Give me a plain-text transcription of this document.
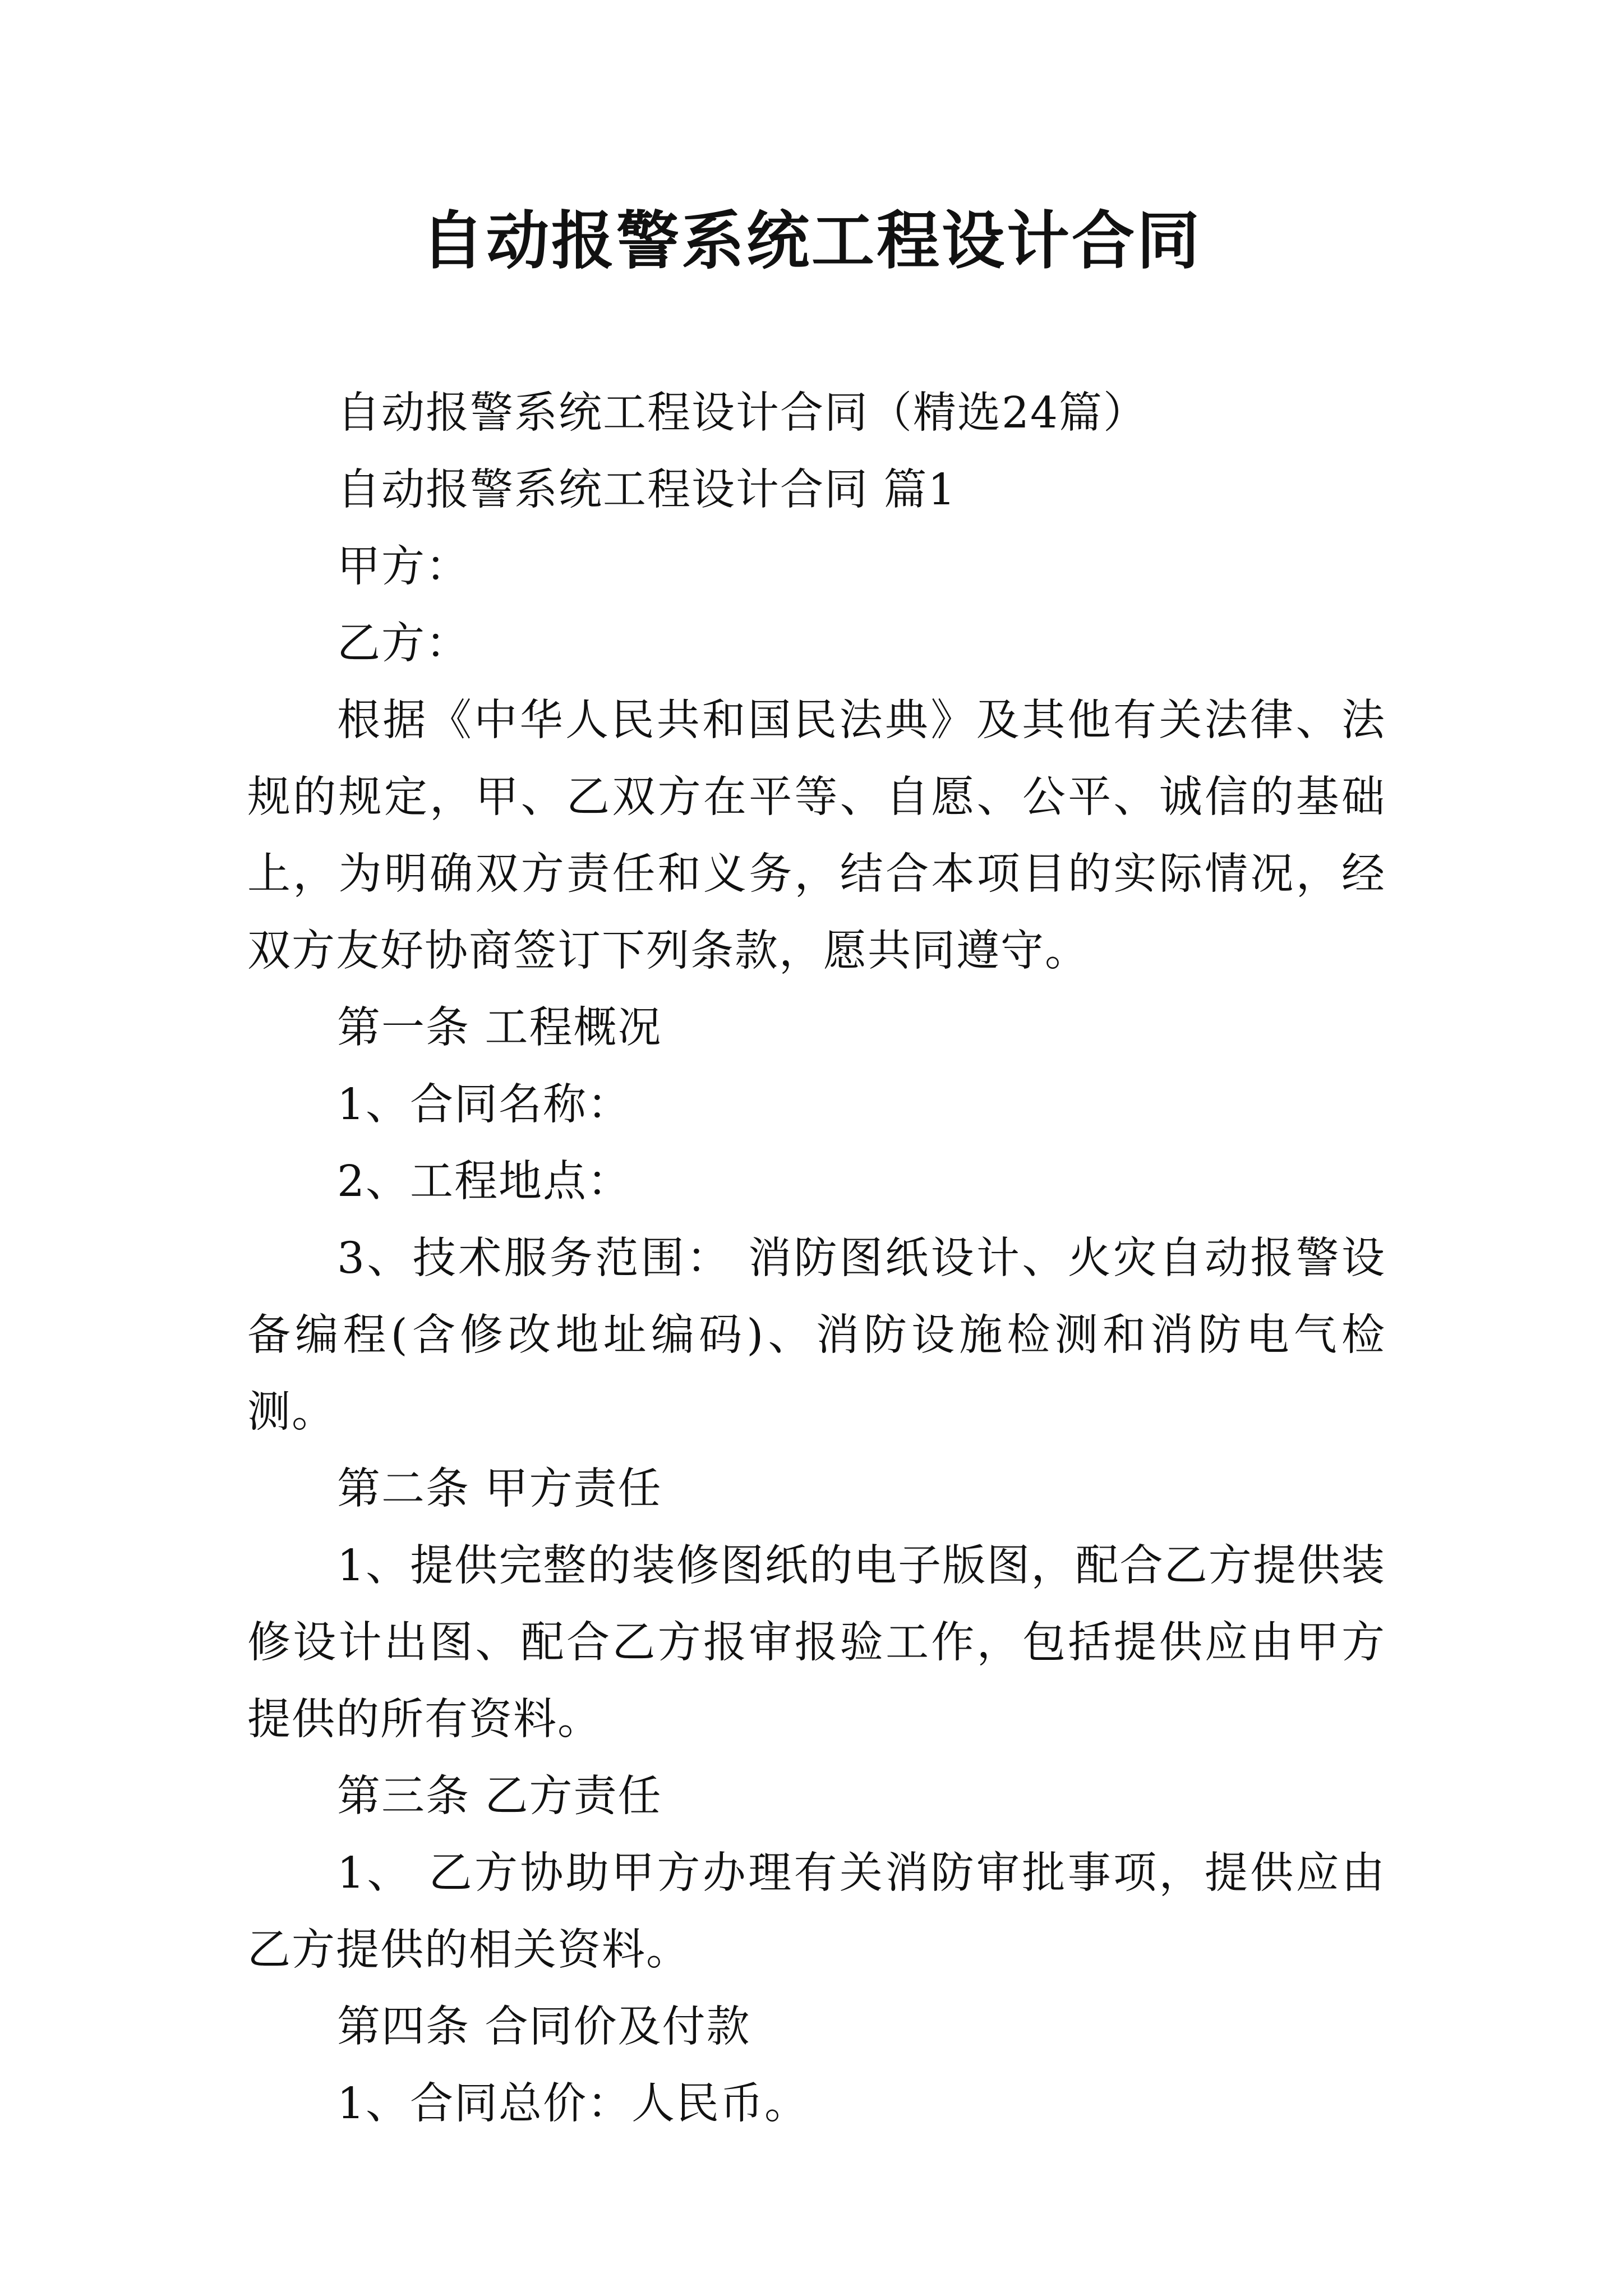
自动报警系统工程设计合同

自动报警系统工程设计合同（精选24篇）

自动报警系统工程设计合同 篇1

甲方：

乙方：

根据《中华人民共和国民法典》及其他有关法律、法规的规定，甲、乙双方在平等、自愿、公平、诚信的基础上，为明确双方责任和义务，结合本项目的实际情况，经双方友好协商签订下列条款，愿共同遵守。

第一条 工程概况

1、合同名称：

2、工程地点：

3、技术服务范围： 消防图纸设计、火灾自动报警设备编程(含修改地址编码)、消防设施检测和消防电气检测。

第二条 甲方责任

1、提供完整的装修图纸的电子版图，配合乙方提供装修设计出图、配合乙方报审报验工作，包括提供应由甲方提供的所有资料。

第三条 乙方责任

1、 乙方协助甲方办理有关消防审批事项，提供应由乙方提供的相关资料。

第四条 合同价及付款

1、合同总价：人民币。
